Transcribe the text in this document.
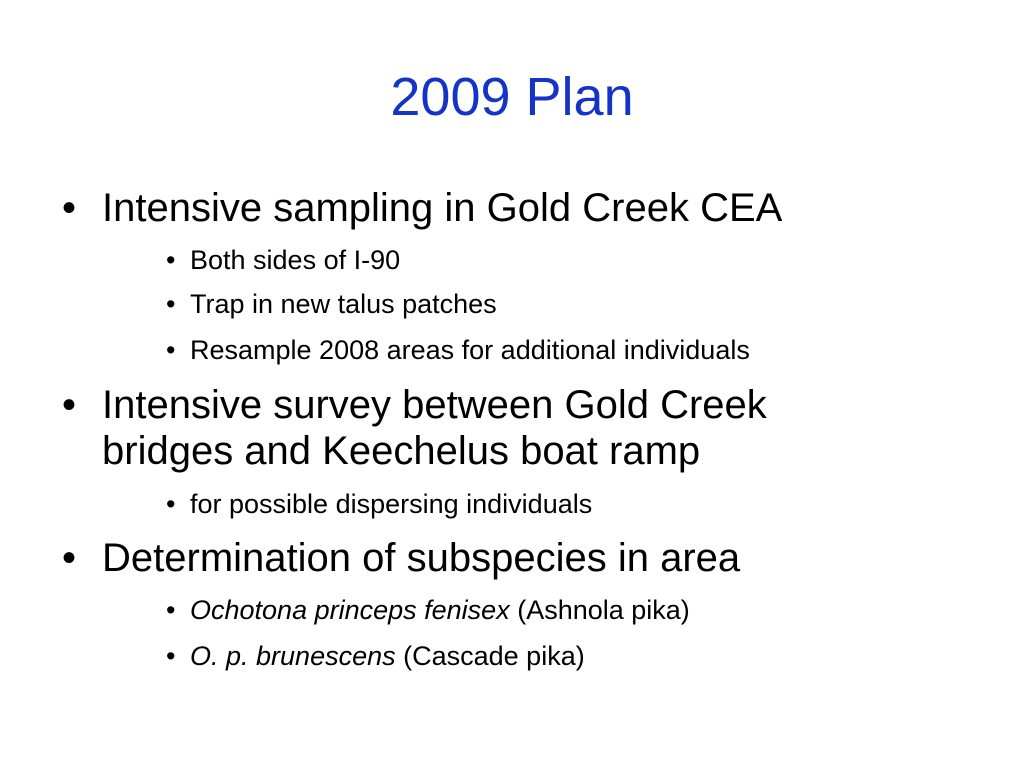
2009 Plan
• Intensive sampling in Gold Creek CEA
• Both sides of I-90
• Trap in new talus patches
• Resample 2008 areas for additional individuals
• Intensive survey between Gold Creek
bridges and Keechelus boat ramp
• for possible dispersing individuals
• Determination of subspecies in area
• Ochotona princeps fenisex (Ashnola pika)
• O. p. brunescens (Cascade pika)
